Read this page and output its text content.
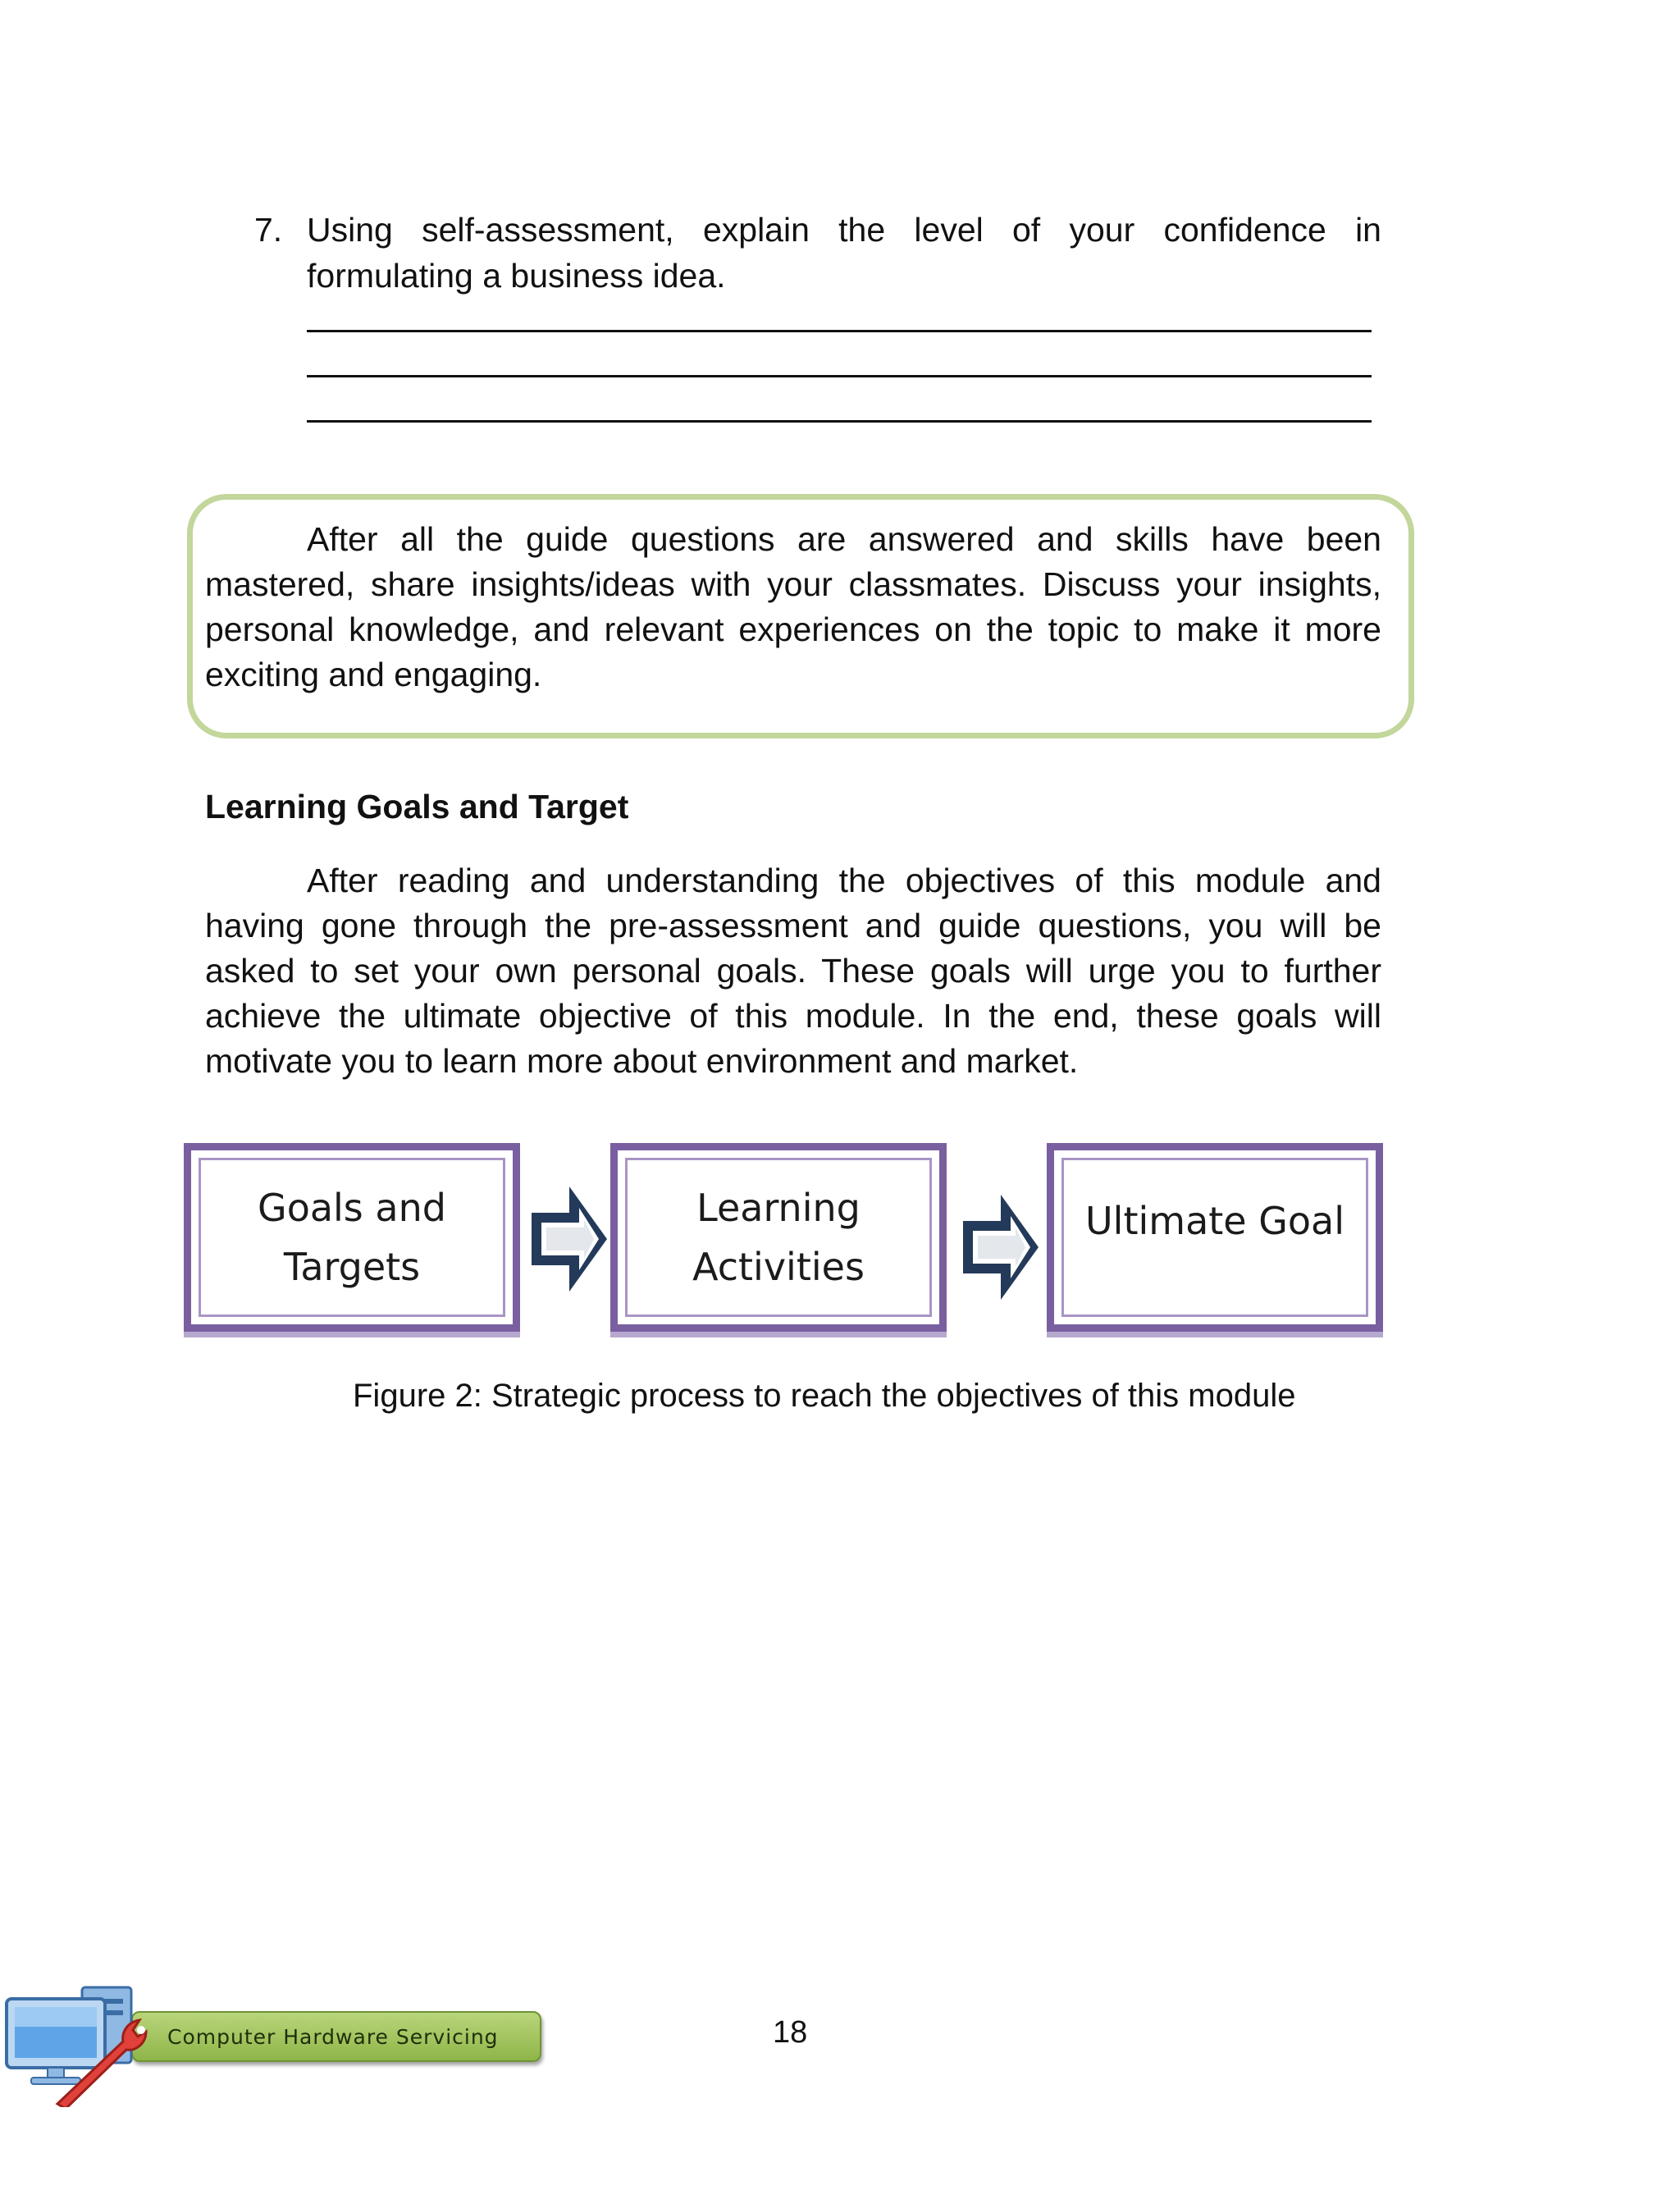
7. Using self-assessment, explain the level of your confidence in formulating a business idea.
After all the guide questions are answered and skills have been mastered, share insights/ideas with your classmates. Discuss your insights, personal knowledge, and relevant experiences on the topic to make it more exciting and engaging.
Learning Goals and Target
After reading and understanding the objectives of this module and having gone through the pre-assessment and guide questions, you will be asked to set your own personal goals. These goals will urge you to further achieve the ultimate objective of this module. In the end, these goals will motivate you to learn more about environment and market.
Goals and
Targets
Learning
Activities
Ultimate Goal
Figure 2: Strategic process to reach the objectives of this module
Computer Hardware Servicing	18
